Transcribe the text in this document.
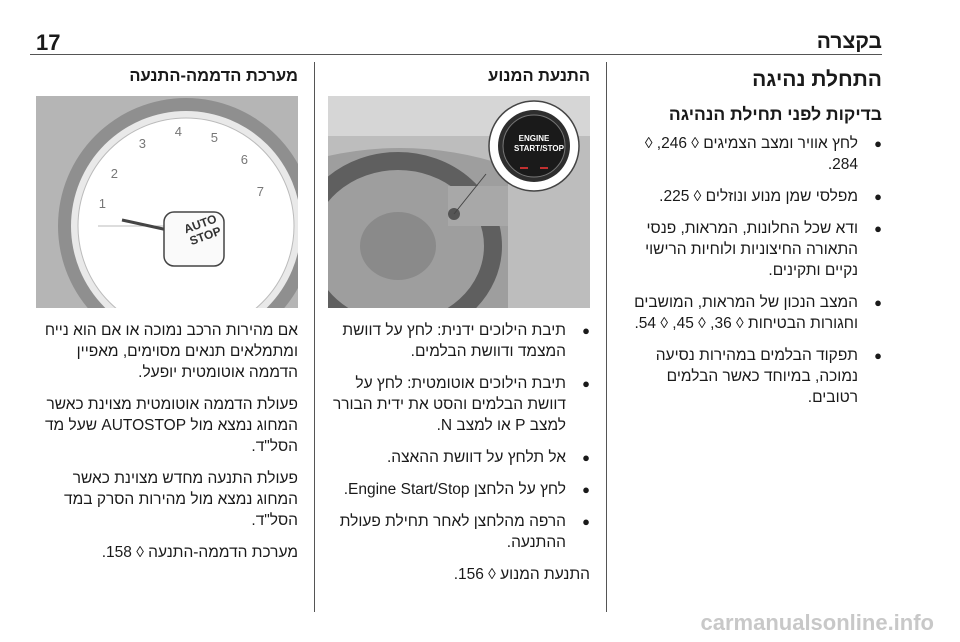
17	בקצרה
התחלת נהיגה
בדיקות לפני תחילת הנהיגה
● לחץ אוויר ומצב הצמיגים ◊ 246, ◊ 284.
● מפלסי שמן מנוע ונוזלים ◊ 225.
● ודא שכל החלונות, המראות, פנסי התאורה החיצוניות ולוחיות הרישוי נקיים ותקינים.
● המצב הנכון של המראות, המושבים וחגורות הבטיחות ◊ 36, ◊ 45, ◊ 54.
● תפקוד הבלמים במהירות נסיעה נמוכה, במיוחד כאשר הבלמים רטובים.
התנעת המנוע
ENGINE START/STOP
● תיבת הילוכים ידנית: לחץ על דוושת המצמד ודוושת הבלמים.
● תיבת הילוכים אוטומטית: לחץ על דוושת הבלמים והסט את ידית הבורר למצב P או למצב N.
● אל תלחץ על דוושת ההאצה.
● לחץ על הלחצן Engine Start/Stop.
● הרפה מהלחצן לאחר תחילת פעולת ההתנעה.
התנעת המנוע ◊ 156.
מערכת הדממה-התנעה
2
3
4 5
6
7
1
AUTO STOP
אם מהירות הרכב נמוכה או אם הוא נייח ומתמלאים תנאים מסוימים, מאפיין הדממה אוטומטית יופעל.
פעולת הדממה אוטומטית מצוינת כאשר המחוג נמצא מול AUTOSTOP שעל מד הסל"ד.
פעולת התנעה מחדש מצוינת כאשר המחוג נמצא מול מהירות הסרק במד הסל"ד.
מערכת הדממה-התנעה ◊ 158.
carmanualsonline.info
